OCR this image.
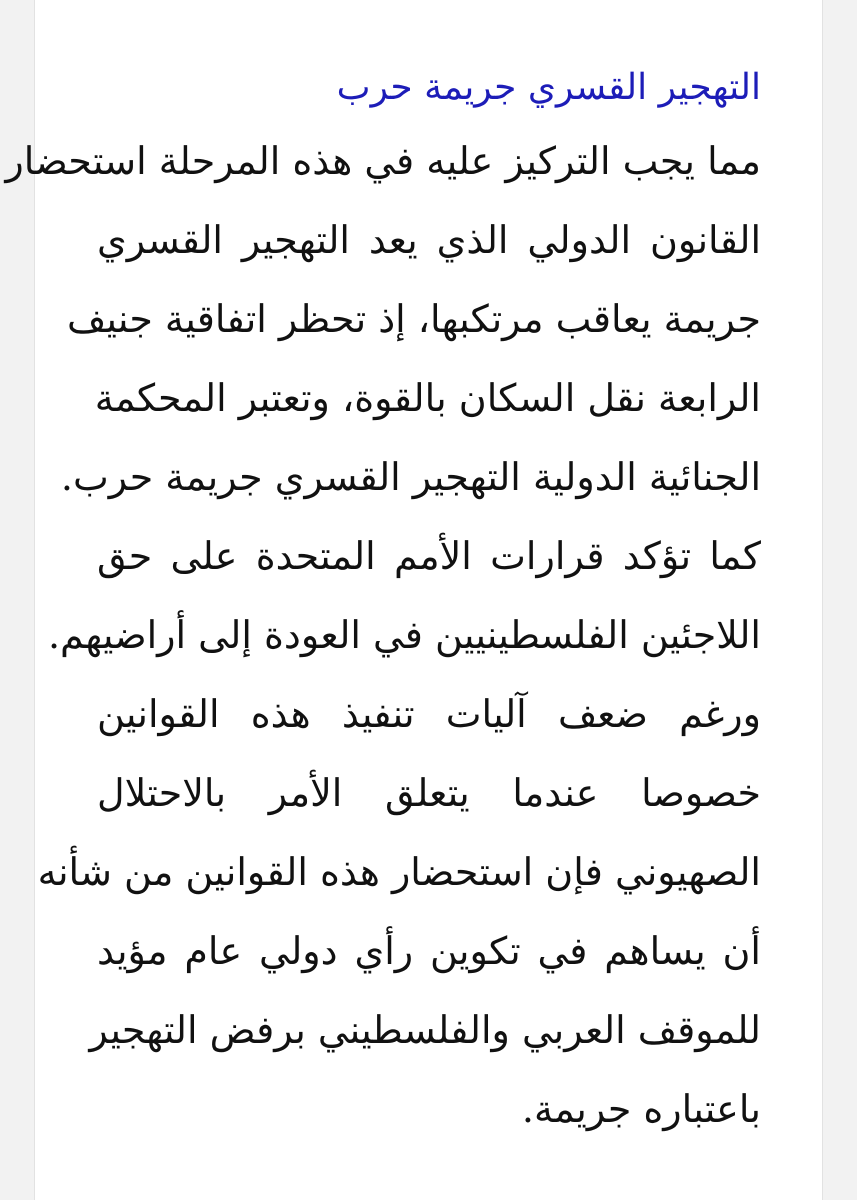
التهجير القسري جريمة حرب
مما يجب التركيز عليه في هذه المرحلة استحضار
القانون الدولي الذي يعد التهجير القسري
جريمة يعاقب مرتكبها، إذ تحظر اتفاقية جنيف
الرابعة نقل السكان بالقوة، وتعتبر المحكمة
الجنائية الدولية التهجير القسري جريمة حرب.
كما تؤكد قرارات الأمم المتحدة على حق
اللاجئين الفلسطينيين في العودة إلى أراضيهم.
ورغم ضعف آليات تنفيذ هذه القوانين
خصوصا عندما يتعلق الأمر بالاحتلال
الصهيوني فإن استحضار هذه القوانين من شأنه
أن يساهم في تكوين رأي دولي عام مؤيد
للموقف العربي والفلسطيني برفض التهجير
باعتباره جريمة.
